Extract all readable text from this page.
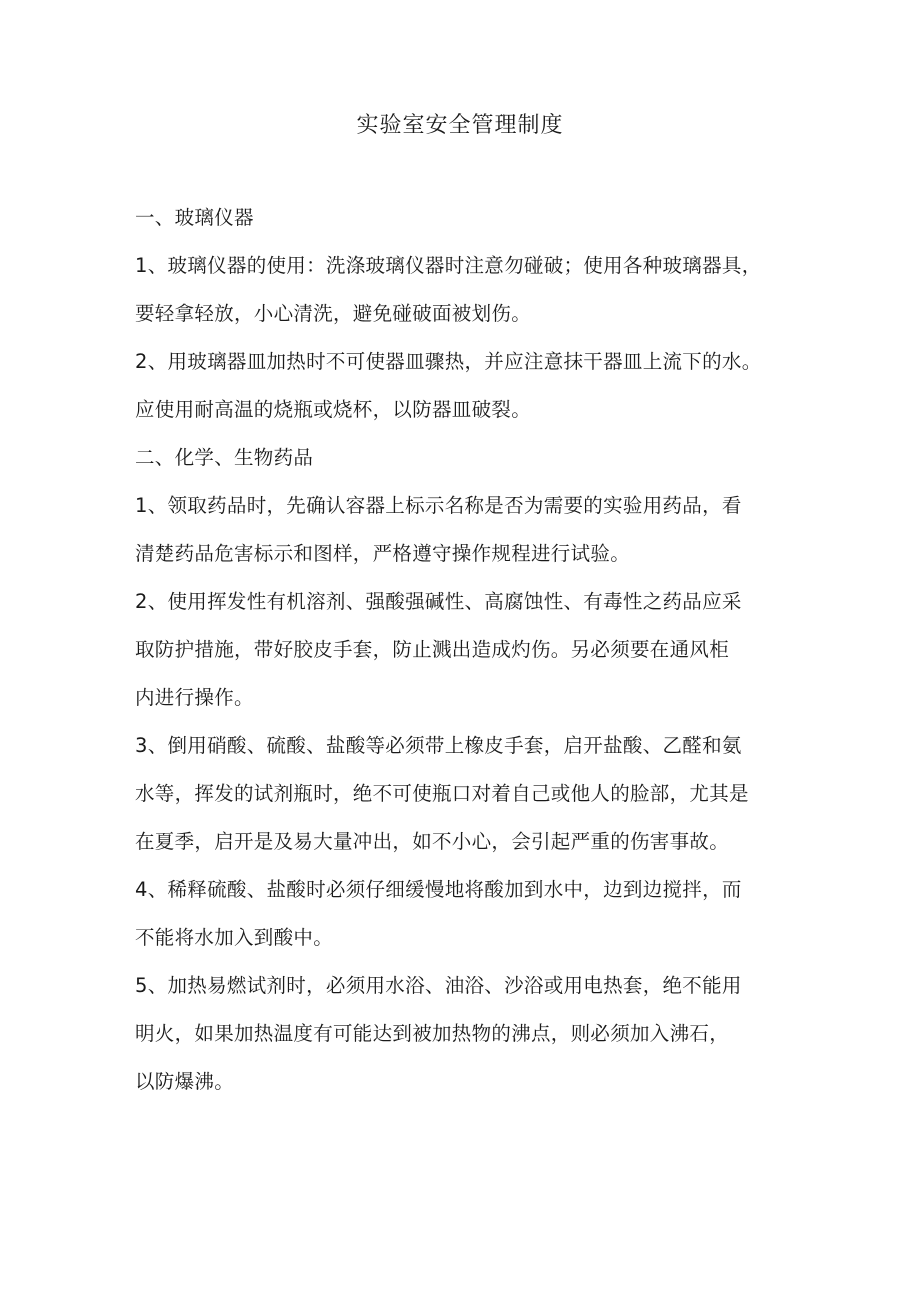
实验室安全管理制度
一、玻璃仪器
1、玻璃仪器的使用：洗涤玻璃仪器时注意勿碰破；使用各种玻璃器具，
要轻拿轻放，小心清洗，避免碰破面被划伤。
2、用玻璃器皿加热时不可使器皿骤热，并应注意抹干器皿上流下的水。
应使用耐高温的烧瓶或烧杯，以防器皿破裂。
二、化学、生物药品
1、领取药品时，先确认容器上标示名称是否为需要的实验用药品，看
清楚药品危害标示和图样，严格遵守操作规程进行试验。
2、使用挥发性有机溶剂、强酸强碱性、高腐蚀性、有毒性之药品应采
取防护措施，带好胶皮手套，防止溅出造成灼伤。另必须要在通风柜
内进行操作。
3、倒用硝酸、硫酸、盐酸等必须带上橡皮手套，启开盐酸、乙醛和氨
水等，挥发的试剂瓶时，绝不可使瓶口对着自己或他人的脸部，尤其是
在夏季，启开是及易大量冲出，如不小心，会引起严重的伤害事故。
4、稀释硫酸、盐酸时必须仔细缓慢地将酸加到水中，边到边搅拌，而
不能将水加入到酸中。
5、加热易燃试剂时，必须用水浴、油浴、沙浴或用电热套，绝不能用
明火，如果加热温度有可能达到被加热物的沸点，则必须加入沸石，
以防爆沸。
